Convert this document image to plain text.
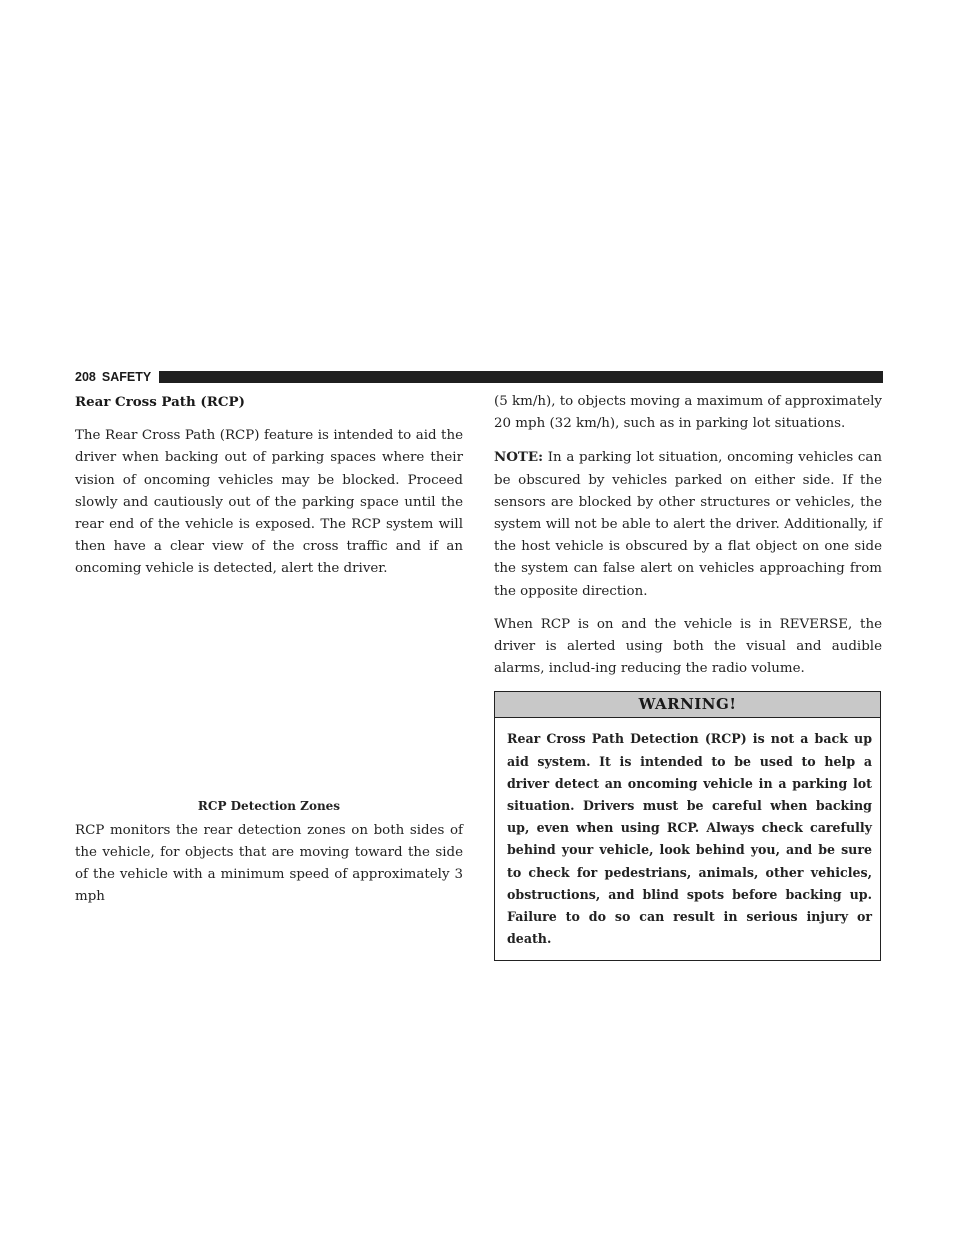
208 SAFETY
Rear Cross Path (RCP)

The Rear Cross Path (RCP) feature is intended to aid the driver when backing out of parking spaces where their vision of oncoming vehicles may be blocked. Proceed slowly and cautiously out of the parking space until the rear end of the vehicle is exposed. The RCP system will then have a clear view of the cross traffic and if an oncoming vehicle is detected, alert the driver.

RCP Detection Zones

RCP monitors the rear detection zones on both sides of the vehicle, for objects that are moving toward the side of the vehicle with a minimum speed of approximately 3 mph

(5 km/h), to objects moving a maximum of approximately 20 mph (32 km/h), such as in parking lot situations.

NOTE: In a parking lot situation, oncoming vehicles can be obscured by vehicles parked on either side. If the sensors are blocked by other structures or vehicles, the system will not be able to alert the driver. Additionally, if the host vehicle is obscured by a flat object on one side the system can false alert on vehicles approaching from the opposite direction.

When RCP is on and the vehicle is in REVERSE, the driver is alerted using both the visual and audible alarms, includ-ing reducing the radio volume.

WARNING!
Rear Cross Path Detection (RCP) is not a back up aid system. It is intended to be used to help a driver detect an oncoming vehicle in a parking lot situation. Drivers must be careful when backing up, even when using RCP. Always check carefully behind your vehicle, look behind you, and be sure to check for pedestrians, animals, other vehicles, obstructions, and blind spots before backing up. Failure to do so can result in serious injury or death.
